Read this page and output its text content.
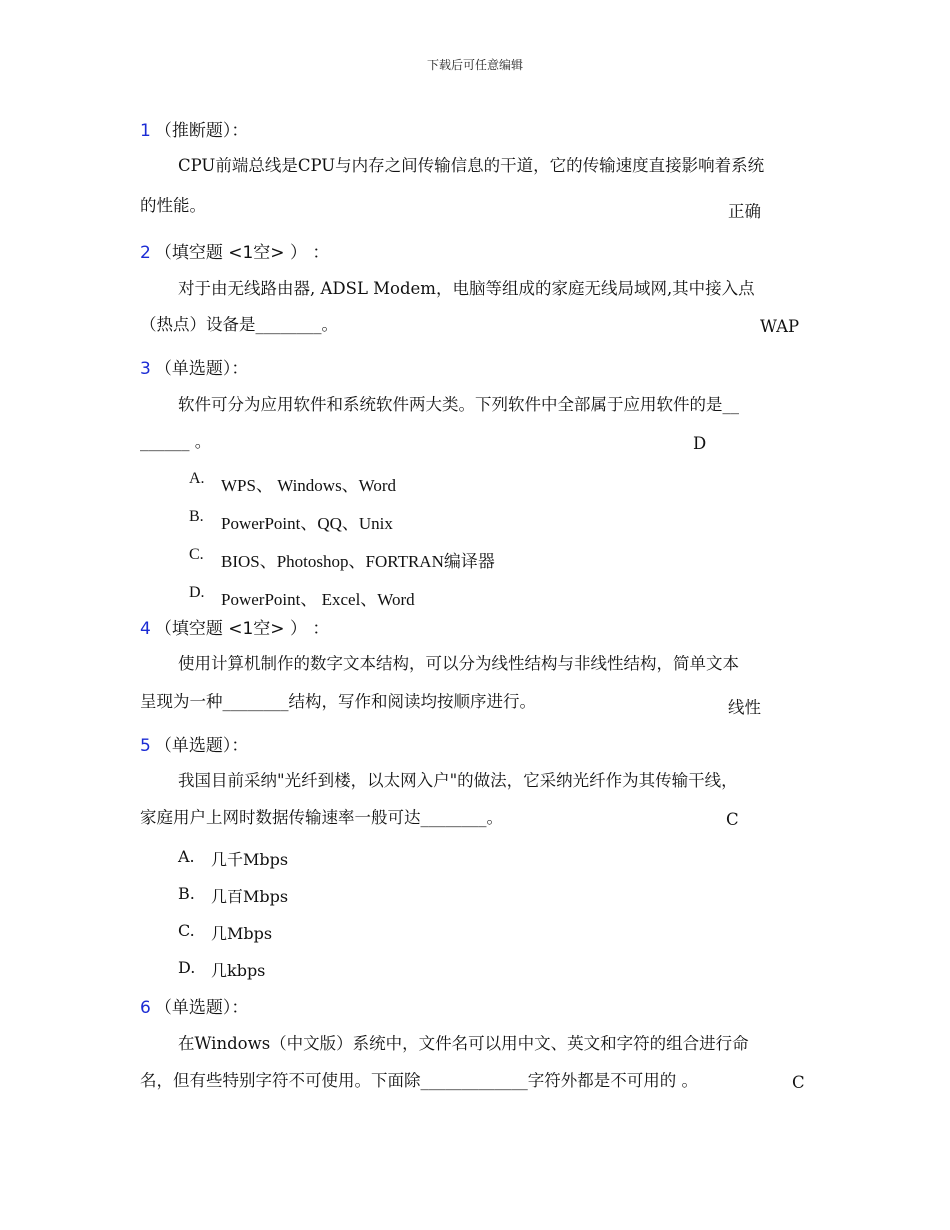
下载后可任意编辑
1 （推断题）：
CPU前端总线是CPU与内存之间传输信息的干道，它的传输速度直接影响着系统
的性能。	正确
2 （填空题 <1空> ） ：
对于由无线路由器, ADSL Modem，电脑等组成的家庭无线局域网,其中接入点
（热点）设备是________。	WAP
3 （单选题）：
软件可分为应用软件和系统软件两大类。下列软件中全部属于应用软件的是__
______ 。	D
A. WPS、 Windows、Word
B. PowerPoint、QQ、Unix
C. BIOS、Photoshop、FORTRAN编译器
D. PowerPoint、 Excel、Word
4 （填空题 <1空> ） ：
使用计算机制作的数字文本结构，可以分为线性结构与非线性结构，简单文本
呈现为一种________结构，写作和阅读均按顺序进行。	线性
5 （单选题）：
我国目前采纳"光纤到楼，以太网入户"的做法，它采纳光纤作为其传输干线，
家庭用户上网时数据传输速率一般可达________。	C
A. 几千Mbps
B. 几百Mbps
C. 几Mbps
D. 几kbps
6 （单选题）：
在Windows（中文版）系统中，文件名可以用中文、英文和字符的组合进行命
名，但有些特别字符不可使用。下面除_____________字符外都是不可用的 。	C
